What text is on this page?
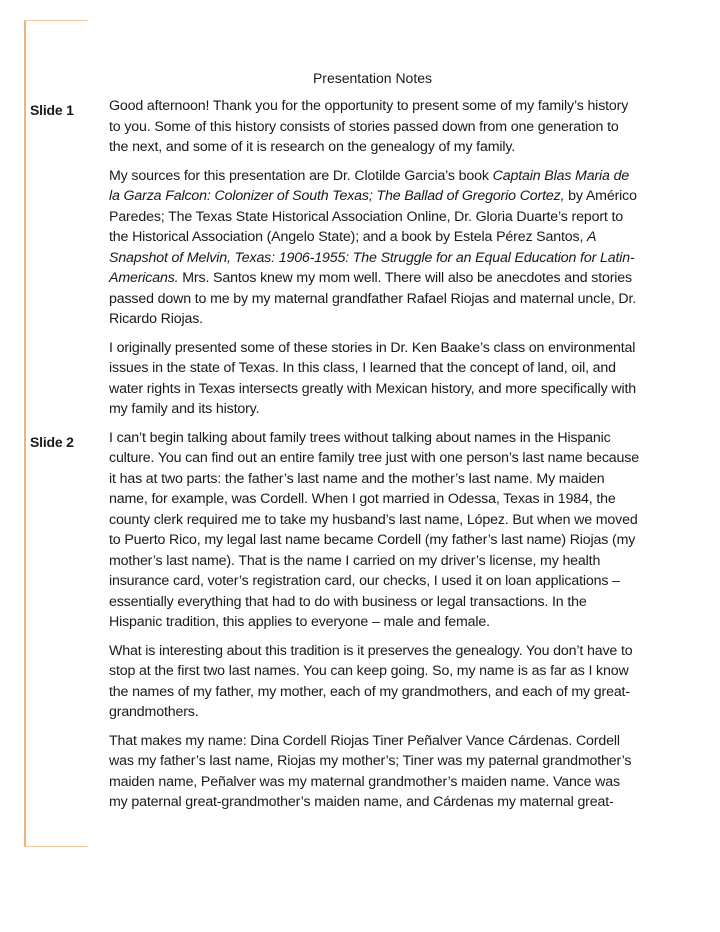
Presentation Notes
Slide 1
Slide 2

Good afternoon! Thank you for the opportunity to present some of my family’s history to you. Some of this history consists of stories passed down from one generation to the next, and some of it is research on the genealogy of my family.

My sources for this presentation are Dr. Clotilde Garcia’s book Captain Blas Maria de la Garza Falcon: Colonizer of South Texas; The Ballad of Gregorio Cortez, by Américo Paredes; The Texas State Historical Association Online, Dr. Gloria Duarte’s report to the Historical Association (Angelo State); and a book by Estela Pérez Santos, A Snapshot of Melvin, Texas: 1906-1955: The Struggle for an Equal Education for Latin-Americans. Mrs. Santos knew my mom well. There will also be anecdotes and stories passed down to me by my maternal grandfather Rafael Riojas and maternal uncle, Dr. Ricardo Riojas.

I originally presented some of these stories in Dr. Ken Baake’s class on environmental issues in the state of Texas. In this class, I learned that the concept of land, oil, and water rights in Texas intersects greatly with Mexican history, and more specifically with my family and its history.

I can’t begin talking about family trees without talking about names in the Hispanic culture. You can find out an entire family tree just with one person’s last name because it has at two parts: the father’s last name and the mother’s last name. My maiden name, for example, was Cordell. When I got married in Odessa, Texas in 1984, the county clerk required me to take my husband’s last name, López. But when we moved to Puerto Rico, my legal last name became Cordell (my father’s last name) Riojas (my mother’s last name). That is the name I carried on my driver’s license, my health insurance card, voter’s registration card, our checks, I used it on loan applications – essentially everything that had to do with business or legal transactions. In the Hispanic tradition, this applies to everyone – male and female.

What is interesting about this tradition is it preserves the genealogy. You don’t have to stop at the first two last names. You can keep going. So, my name is as far as I know the names of my father, my mother, each of my grandmothers, and each of my great-grandmothers.

That makes my name: Dina Cordell Riojas Tiner Peñalver Vance Cárdenas. Cordell was my father’s last name, Riojas my mother’s; Tiner was my paternal grandmother’s maiden name, Peñalver was my maternal grandmother’s maiden name. Vance was my paternal great-grandmother’s maiden name, and Cárdenas my maternal great-
